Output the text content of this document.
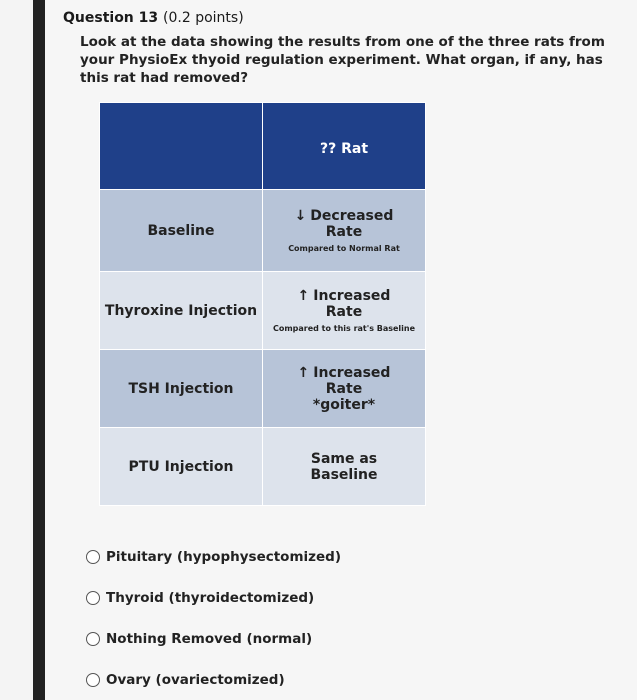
Question 13 (0.2 points)
Look at the data showing the results from one of the three rats from your PhysioEx thyoid regulation experiment. What organ, if any, has this rat had removed?
	?? Rat
Baseline	↓ Decreased
Rate
Compared to Normal Rat

Thyroxine Injection	↑ Increased
Rate
Compared to this rat's Baseline

TSH Injection	↑ Increased
Rate
*goiter*

PTU Injection	Same as
Baseline
Pituitary (hypophysectomized)
Thyroid (thyroidectomized)
Nothing Removed (normal)
Ovary (ovariectomized)
